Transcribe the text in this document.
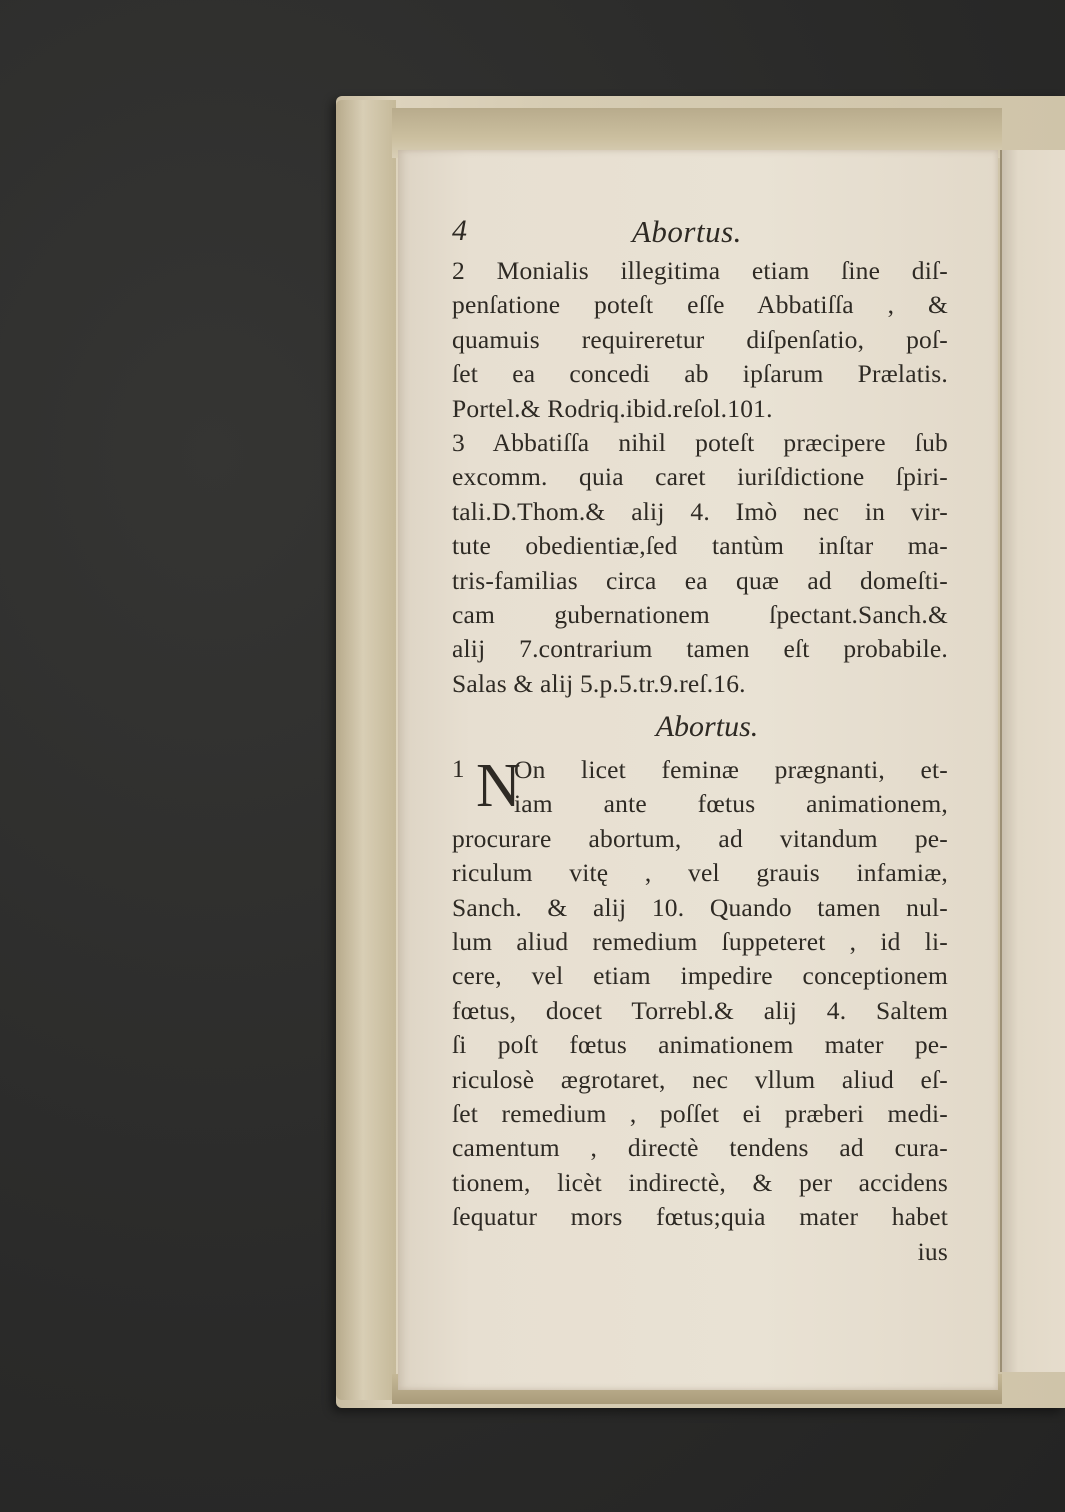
4	Abortus.
2 Monialis illegitima etiam ſine diſ-
penſatione poteſt eſſe Abbatiſſa , &
quamuis requireretur diſpenſatio, poſ-
ſet ea concedi ab ipſarum Prælatis.
Portel.& Rodriq.ibid.reſol.101.
3 Abbatiſſa nihil poteſt præcipere ſub
excomm. quia caret iuriſdictione ſpiri-
tali.D.Thom.& alij 4. Imò nec in vir-
tute obedientiæ,ſed tantùm inſtar ma-
tris-familias circa ea quæ ad domeſti-
cam gubernationem ſpectant.Sanch.&
alij 7.contrarium tamen eſt probabile.
Salas & alij 5.p.5.tr.9.reſ.16.
Abortus.
1 N
On licet feminæ prægnanti, et-
iam ante fœtus animationem,
procurare abortum, ad vitandum pe-
riculum vitę , vel grauis infamiæ,
Sanch. & alij 10. Quando tamen nul-
lum aliud remedium ſuppeteret , id li-
cere, vel etiam impedire conceptionem
fœtus, docet Torrebl.& alij 4. Saltem
ſi poſt fœtus animationem mater pe-
riculosè ægrotaret, nec vllum aliud eſ-
ſet remedium , poſſet ei præberi medi-
camentum , directè tendens ad cura-
tionem, licèt indirectè, & per accidens
ſequatur mors fœtus;quia mater habet
ius
